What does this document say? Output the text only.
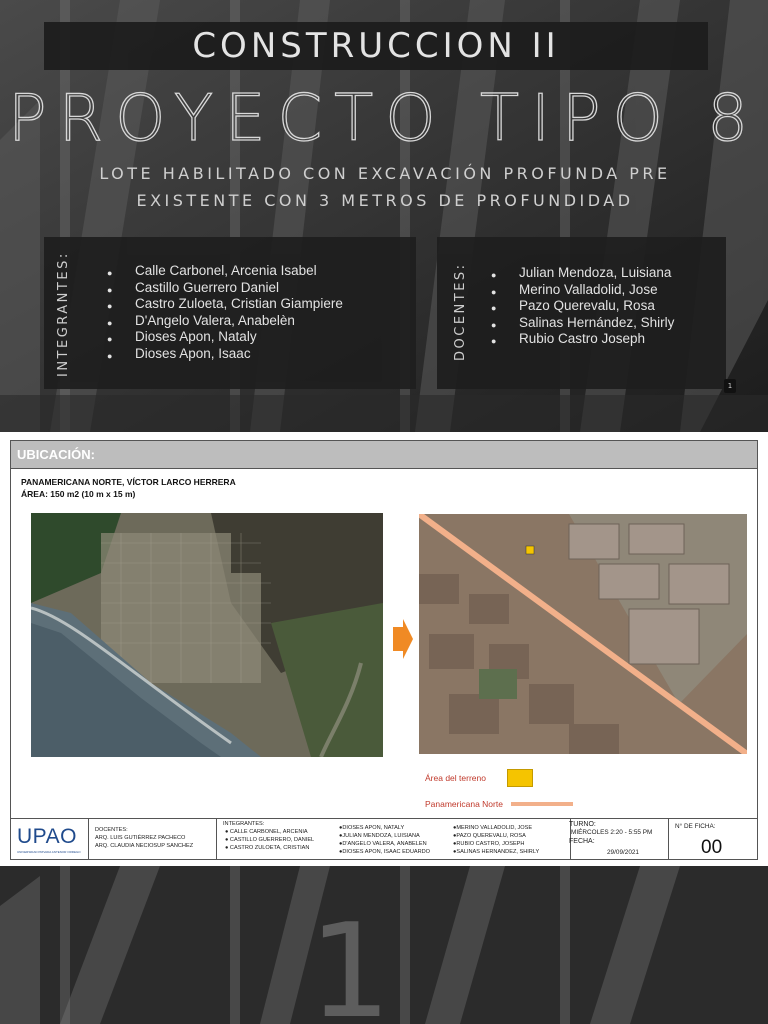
CONSTRUCCION II
PROYECTO TIPO 8
LOTE HABILITADO CON EXCAVACIÓN PROFUNDA PRE
EXISTENTE CON 3 METROS DE PROFUNDIDAD
INTEGRANTES:	● Calle Carbonel, Arcenia Isabel
● Castillo Guerrero Daniel
● Castro Zuloeta, Cristian Giampiere
● D'Angelo Valera, Anabelèn
● Dioses Apon, Nataly
● Dioses Apon, Isaac	DOCENTES:	● Julian Mendoza, Luisiana
● Merino Valladolid, Jose
● Pazo Querevalu, Rosa
● Salinas Hernández, Shirly
● Rubio Castro Joseph
1
UBICACIÓN:
PANAMERICANA NORTE, VÍCTOR LARCO HERRERA
ÁREA: 150 m2 (10 m x 15 m)
Área del terreno
Panamericana Norte
UPAO
UNIVERSIDAD PRIVADA ANTENOR ORREGO
DOCENTES:
ARQ. LUIS GUTIÉRREZ PACHECO
ARQ. CLAUDIA NECIOSUP SANCHEZ
INTEGRANTES:
● CALLE CARBONEL, ARCENIA
● CASTILLO GUERRERO, DANIEL
● CASTRO ZULOETA, CRISTIAN
●DIOSES APON, NATALY
●JULIAN MENDOZA, LUISIANA
●D'ANGELO VALERA, ANABELEN
●DIOSES APON, ISAAC EDUARDO
●MERINO VALLADOLID, JOSE
●PAZO QUEREVALU, ROSA
●RUBIO CASTRO, JOSEPH
●SALINAS HERNANDEZ, SHIRLY
TURNO:
MIÉRCOLES 2:20 - 5:55 PM
FECHA:
29/09/2021
N° DE FICHA:
00
1
